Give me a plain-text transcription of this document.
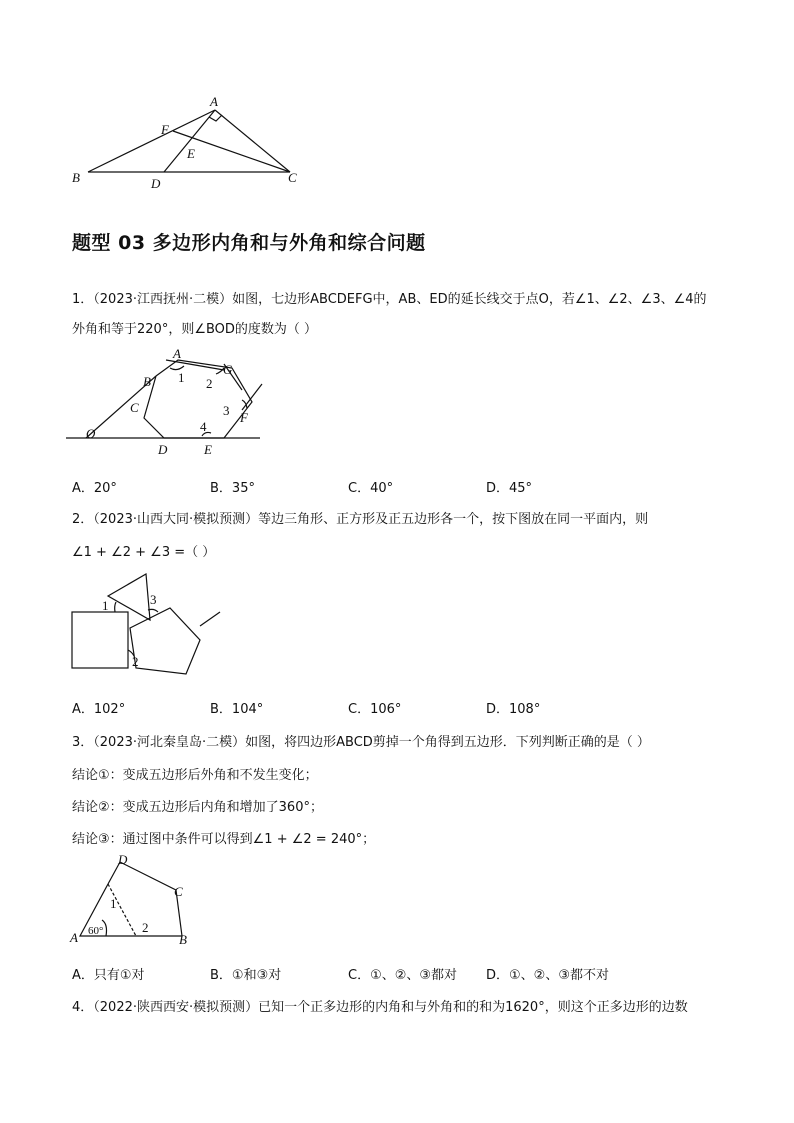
A
B	C
D
E
F
题型 03 多边形内角和与外角和综合问题
1．（2023·江西抚州·二模）如图，七边形ABCDEFG中，AB、ED的延长线交于点O，若∠1、∠2、∠3、∠4的
外角和等于220°，则∠BOD的度数为（ ）
A
B
C
D	E
F
G
O
1 2
3
4
A．20°	B．35°	C．40°	D．45°
2．（2023·山西大同·模拟预测）等边三角形、正方形及正五边形各一个，按下图放在同一平面内，则
∠1 + ∠2 + ∠3 =（ ）
1
2
3
A．102°	B．104°	C．106°	D．108°
3．（2023·河北秦皇岛·二模）如图，将四边形ABCD剪掉一个角得到五边形．下列判断正确的是（ ）
结论①：变成五边形后外角和不发生变化；
结论②：变成五边形后内角和增加了360°；
结论③：通过图中条件可以得到∠1 + ∠2 = 240°；
D
C
A	B
1
2
60°
A．只有①对	B．①和③对	C．①、②、③都对 D．①、②、③都不对
4．（2022·陕西西安·模拟预测）已知一个正多边形的内角和与外角和的和为1620°，则这个正多边形的边数
